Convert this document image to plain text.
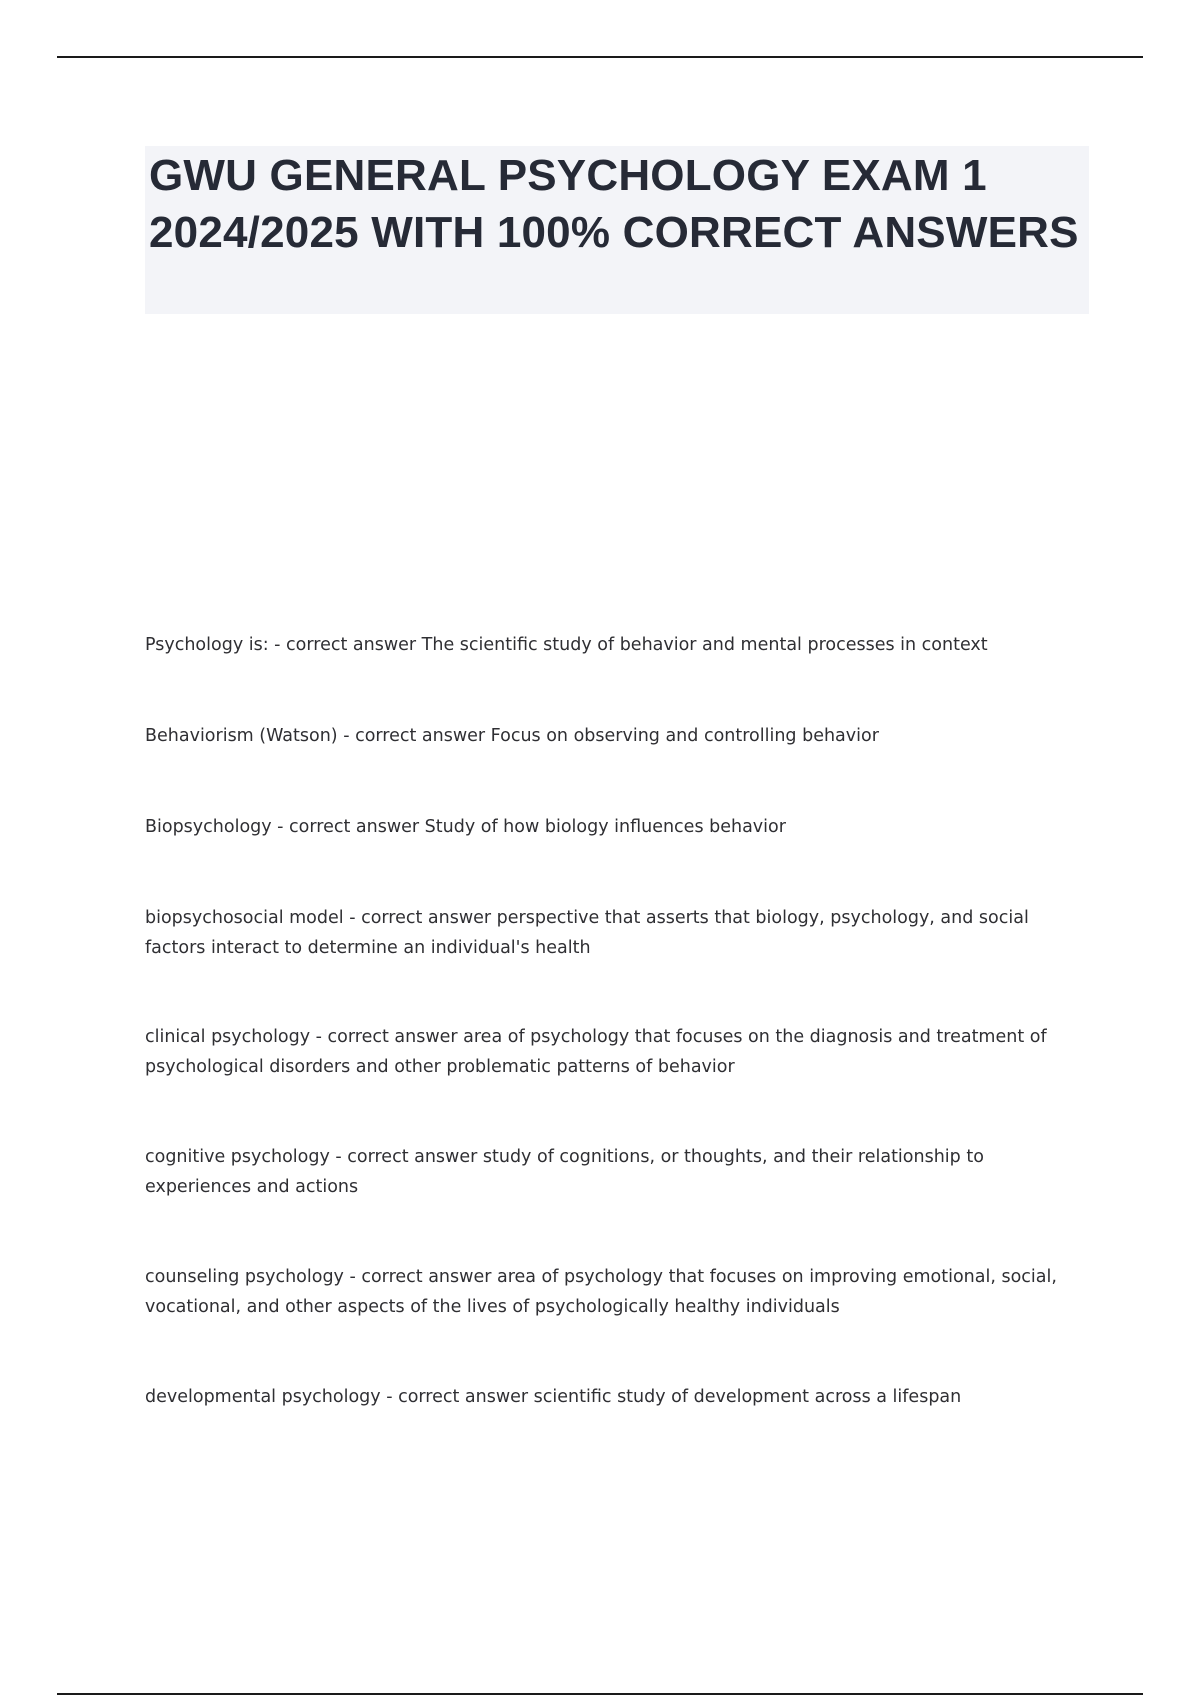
GWU GENERAL PSYCHOLOGY EXAM 1 2024/2025 WITH 100% CORRECT ANSWERS

Psychology is: - correct answer The scientific study of behavior and mental processes in context

Behaviorism (Watson) - correct answer Focus on observing and controlling behavior

Biopsychology - correct answer Study of how biology influences behavior

biopsychosocial model - correct answer perspective that asserts that biology, psychology, and social factors interact to determine an individual's health

clinical psychology - correct answer area of psychology that focuses on the diagnosis and treatment of psychological disorders and other problematic patterns of behavior

cognitive psychology - correct answer study of cognitions, or thoughts, and their relationship to experiences and actions

counseling psychology - correct answer area of psychology that focuses on improving emotional, social, vocational, and other aspects of the lives of psychologically healthy individuals

developmental psychology - correct answer scientific study of development across a lifespan
